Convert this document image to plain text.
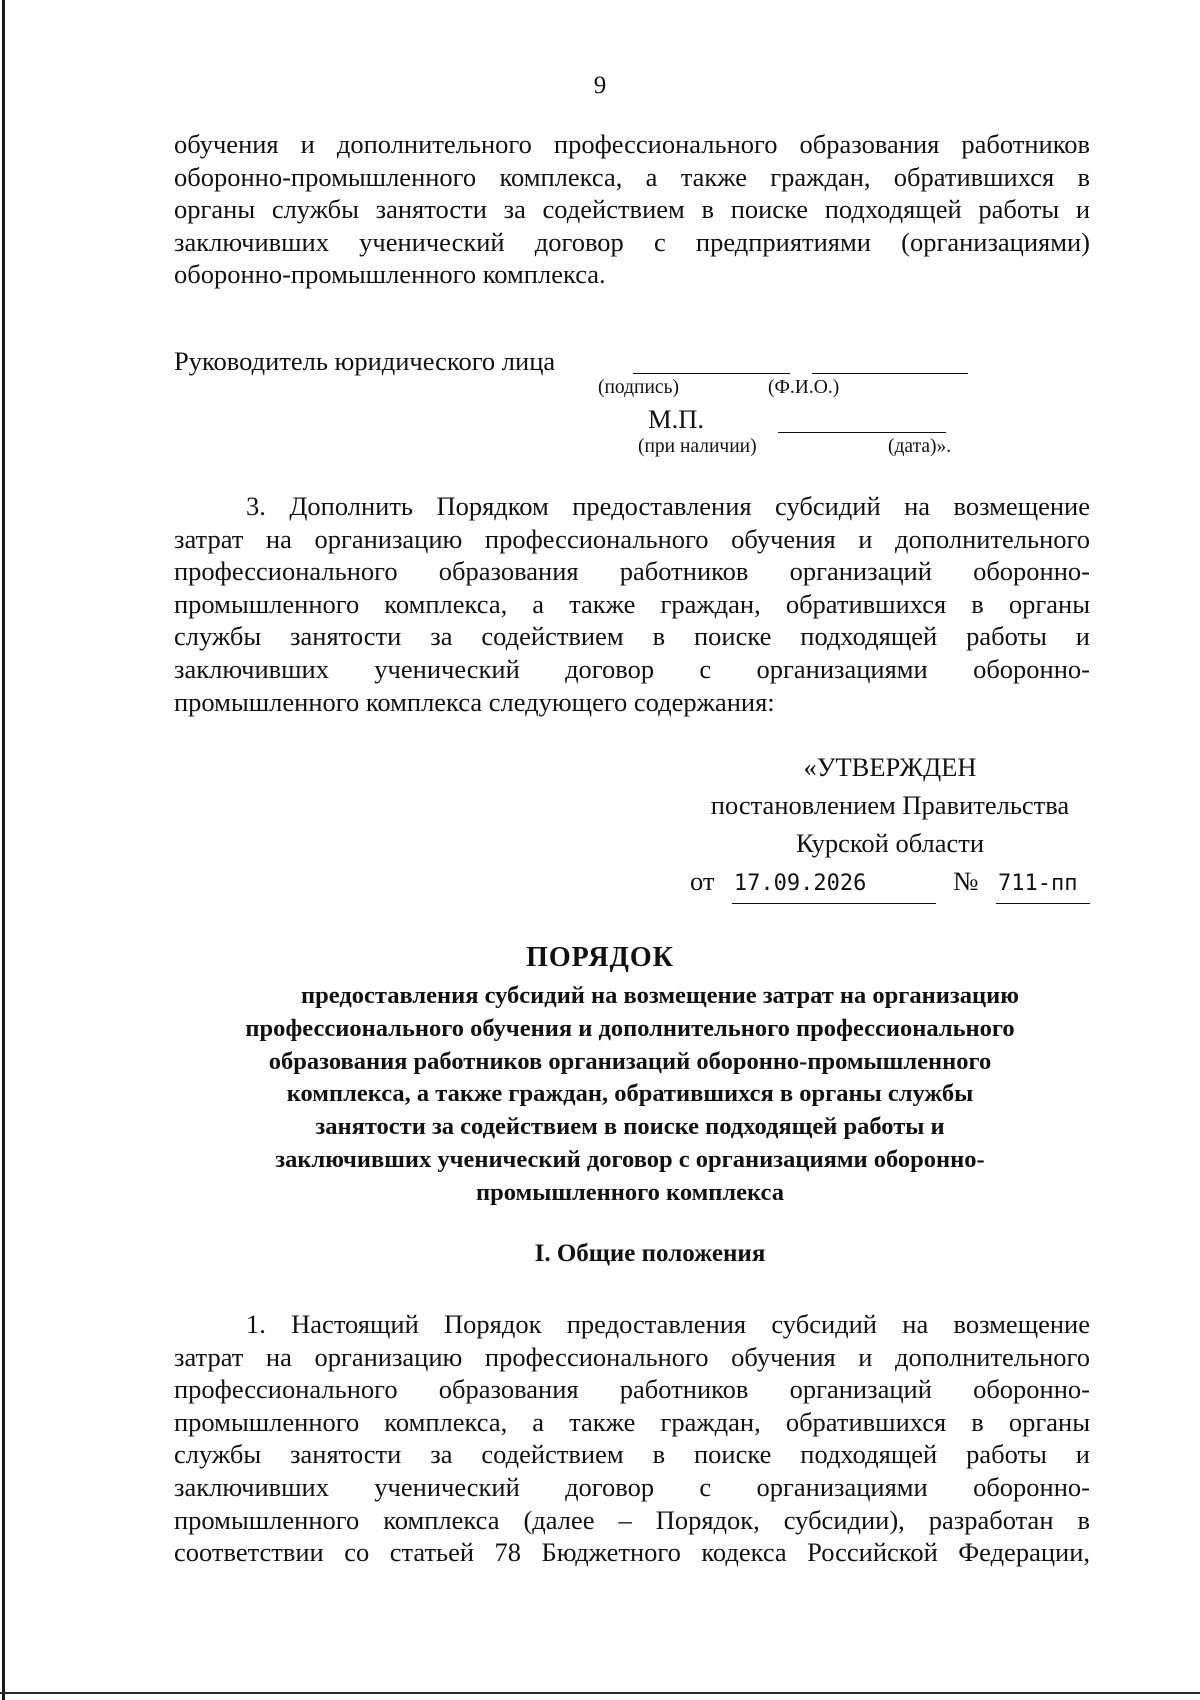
9
обучения и дополнительного профессионального образования работников
оборонно-промышленного комплекса, а также граждан, обратившихся в
органы службы занятости за содействием в поиске подходящей работы и
заключивших ученический договор с предприятиями (организациями)
оборонно-промышленного комплекса.
Руководитель юридического лица
(подпись)	(Ф.И.О.)
М.П.
(при наличии)	(дата)».
3. Дополнить Порядком предоставления субсидий на возмещение
затрат на организацию профессионального обучения и дополнительного
профессионального образования работников организаций оборонно-
промышленного комплекса, а также граждан, обратившихся в органы
службы занятости за содействием в поиске подходящей работы и
заключивших ученический договор с организациями оборонно-
промышленного комплекса следующего содержания:
«УТВЕРЖДЕН
постановлением Правительства
Курской области
от 17.09.2026	№ 711-пп
ПОРЯДОК
предоставления субсидий на возмещение затрат на организацию
профессионального обучения и дополнительного профессионального
образования работников организаций оборонно-промышленного
комплекса, а также граждан, обратившихся в органы службы
занятости за содействием в поиске подходящей работы и
заключивших ученический договор с организациями оборонно-
промышленного комплекса
I. Общие положения
1. Настоящий Порядок предоставления субсидий на возмещение
затрат на организацию профессионального обучения и дополнительного
профессионального образования работников организаций оборонно-
промышленного комплекса, а также граждан, обратившихся в органы
службы занятости за содействием в поиске подходящей работы и
заключивших ученический договор с организациями оборонно-
промышленного комплекса (далее – Порядок, субсидии), разработан в
соответствии со статьей 78 Бюджетного кодекса Российской Федерации,
